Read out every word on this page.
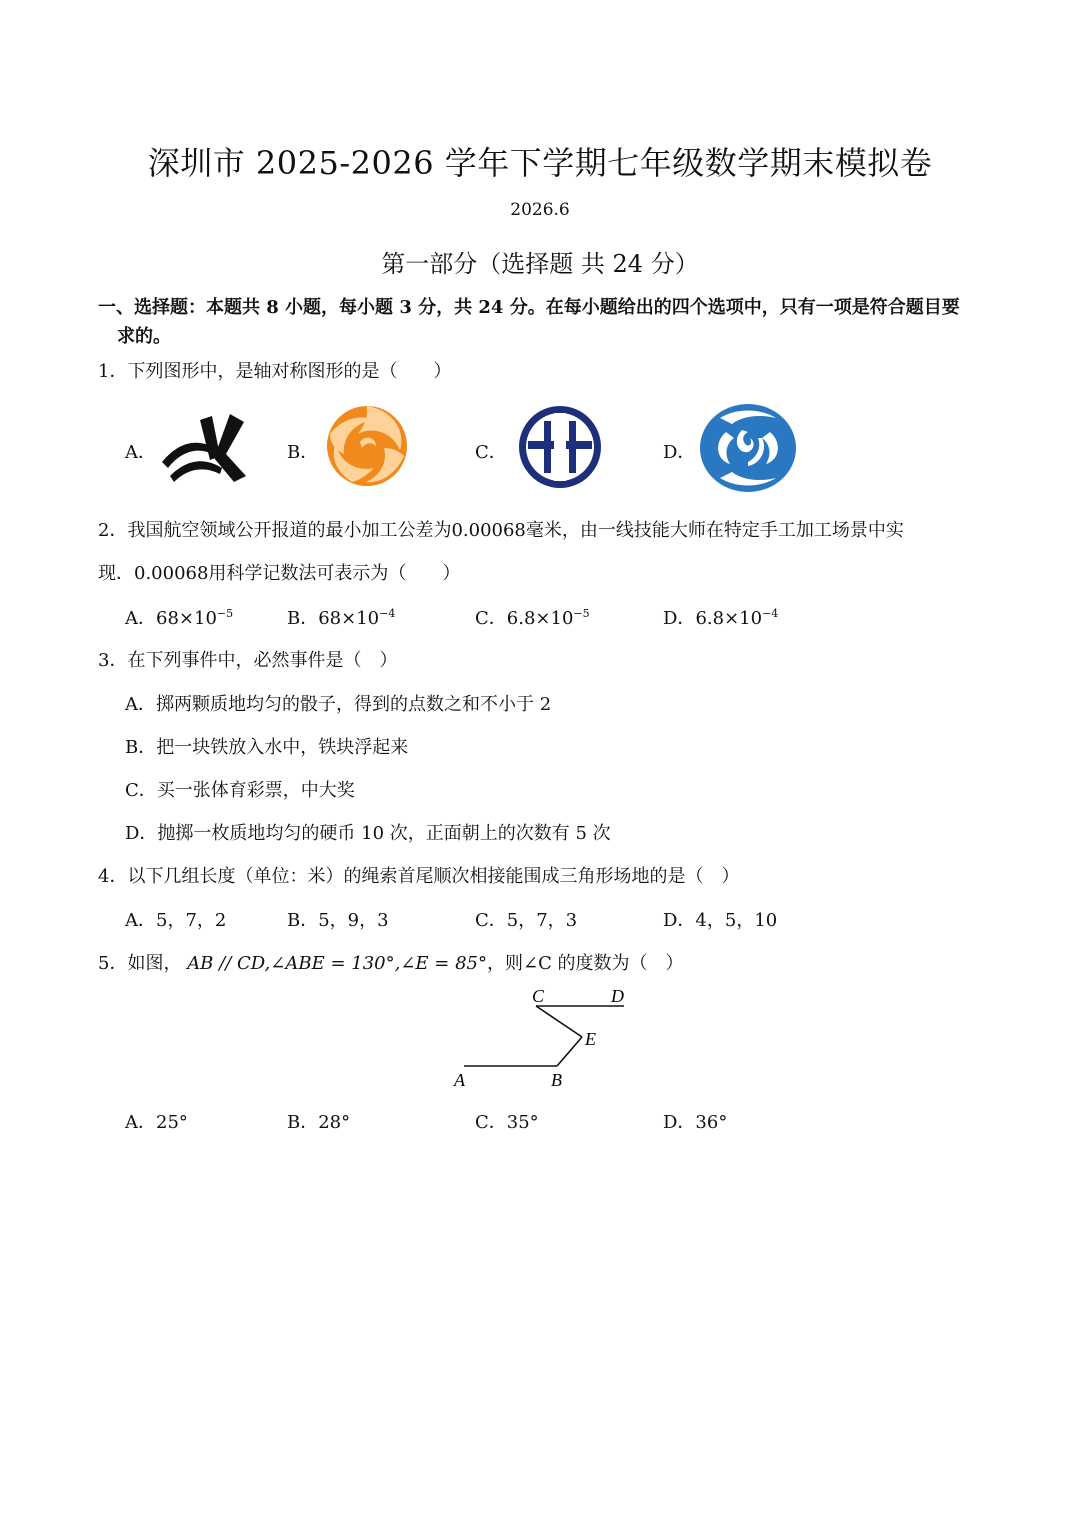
深圳市 2025-2026 学年下学期七年级数学期末模拟卷
2026.6
第一部分（选择题 共 24 分）
一、选择题：本题共 8 小题，每小题 3 分，共 24 分。在每小题给出的四个选项中，只有一项是符合题目要
求的。
1．下列图形中，是轴对称图形的是（　　）
A．	B．	C．	D．
2．我国航空领域公开报道的最小加工公差为0.00068毫米，由一线技能大师在特定手工加工场景中实
现．0.00068用科学记数法可表示为（　　）
A．$68\times 10^{-5}$	B．$68\times 10^{-4}$	C．$6.8\times 10^{-5}$	D．$6.8\times 10^{-4}$
3．在下列事件中，必然事件是（　）
A．掷两颗质地均匀的骰子，得到的点数之和不小于 2
B．把一块铁放入水中，铁块浮起来
C．买一张体育彩票，中大奖
D．抛掷一枚质地均匀的硬币 10 次，正面朝上的次数有 5 次
4．以下几组长度（单位：米）的绳索首尾顺次相接能围成三角形场地的是（　）
A．5，7，2	B．5，9，3	C．5，7，3	D．4，5，10
5．如图， AB // CD,∠ABE = 130°,∠E = 85°，则∠C 的度数为（　）
C	D
E
A	B
A．25°	B．28°	C．35°	D．36°
